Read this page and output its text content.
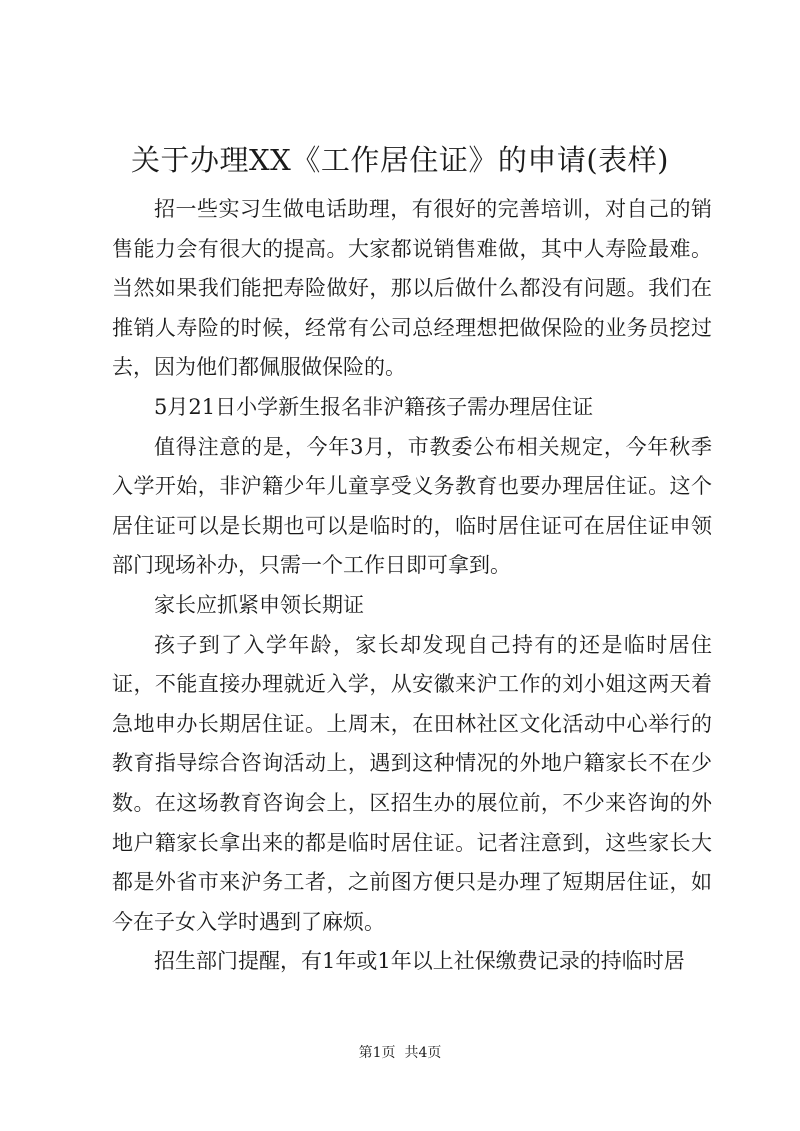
关于办理XX《工作居住证》的申请(表样)

招一些实习生做电话助理，有很好的完善培训，对自己的销售能力会有很大的提高。大家都说销售难做，其中人寿险最难。当然如果我们能把寿险做好，那以后做什么都没有问题。我们在推销人寿险的时候，经常有公司总经理想把做保险的业务员挖过去，因为他们都佩服做保险的。

5月21日小学新生报名非沪籍孩子需办理居住证

值得注意的是，今年3月，市教委公布相关规定，今年秋季入学开始，非沪籍少年儿童享受义务教育也要办理居住证。这个居住证可以是长期也可以是临时的，临时居住证可在居住证申领部门现场补办，只需一个工作日即可拿到。

家长应抓紧申领长期证

孩子到了入学年龄，家长却发现自己持有的还是临时居住证，不能直接办理就近入学，从安徽来沪工作的刘小姐这两天着急地申办长期居住证。上周末，在田林社区文化活动中心举行的教育指导综合咨询活动上，遇到这种情况的外地户籍家长不在少数。在这场教育咨询会上，区招生办的展位前，不少来咨询的外地户籍家长拿出来的都是临时居住证。记者注意到，这些家长大都是外省市来沪务工者，之前图方便只是办理了短期居住证，如今在子女入学时遇到了麻烦。

招生部门提醒，有1年或1年以上社保缴费记录的持临时居

第1页  共4页
